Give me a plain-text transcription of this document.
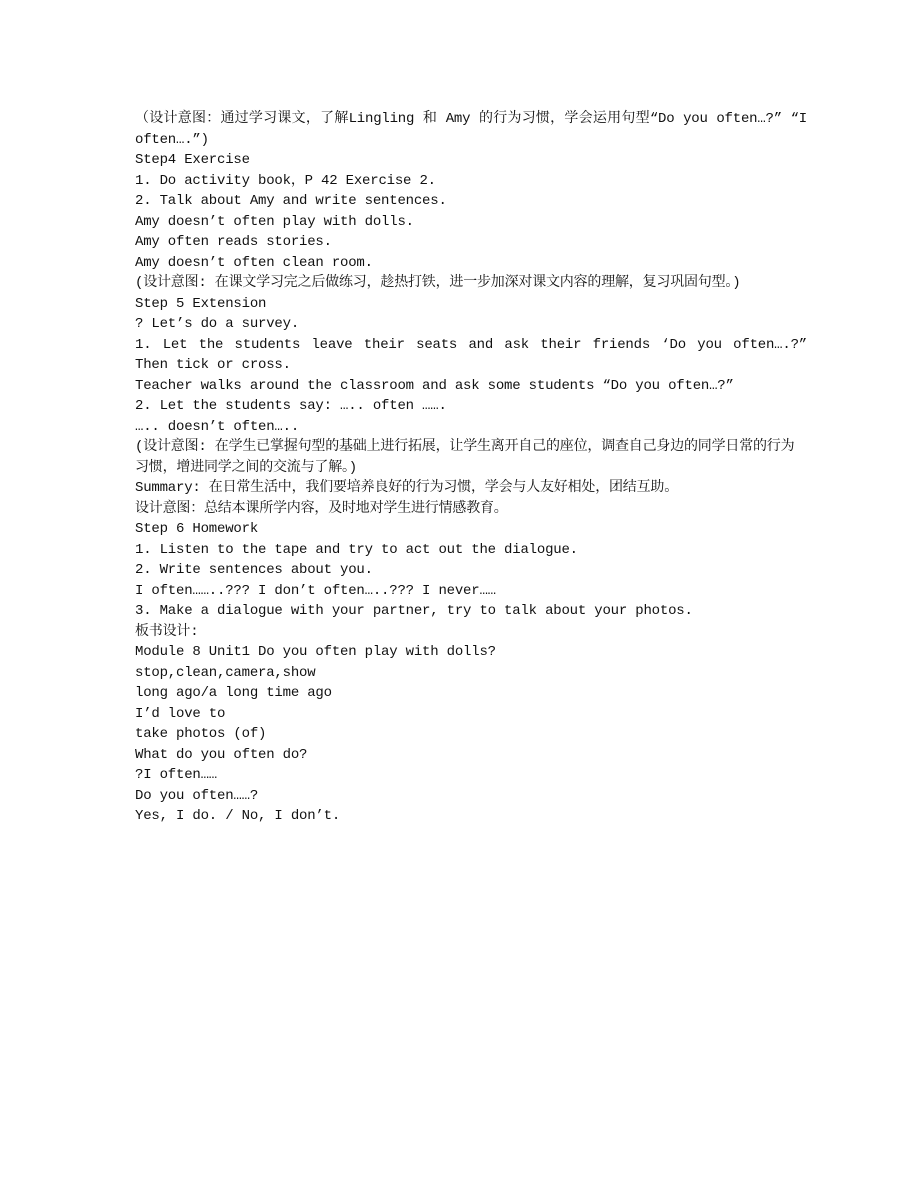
（设计意图：通过学习课文，了解Lingling 和 Amy 的行为习惯，学会运用句型“Do you often…?” “I often….”)

Step4 Exercise

1. Do activity book，P 42 Exercise 2.

2. Talk about Amy and write sentences.

Amy doesn’t often play with dolls.

Amy often reads stories.

Amy doesn’t often clean room.

(设计意图: 在课文学习完之后做练习，趁热打铁，进一步加深对课文内容的理解，复习巩固句型。)

Step 5 Extension

? Let’s do a survey.

1. Let the students leave their seats and ask their friends ‘Do you often….?” Then tick or cross.

Teacher walks around the classroom and ask some students “Do you often…?”

2. Let the students say: ….. often …….

….. doesn’t often…..

(设计意图: 在学生已掌握句型的基础上进行拓展，让学生离开自己的座位，调查自己身边的同学日常的行为习惯，增进同学之间的交流与了解。)

Summary: 在日常生活中，我们要培养良好的行为习惯，学会与人友好相处，团结互助。

设计意图：总结本课所学内容，及时地对学生进行情感教育。

Step 6 Homework

1. Listen to the tape and try to act out the dialogue.

2. Write sentences about you.

I often……..??? I don’t often…..??? I never……

3. Make a dialogue with your partner, try to talk about your photos.

板书设计:

Module 8 Unit1 Do you often play with dolls?

stop,clean,camera,show

long ago/a long time ago

I’d love to

take photos (of)

What do you often do?

?I often……

Do you often……?

Yes, I do. / No, I don’t.
